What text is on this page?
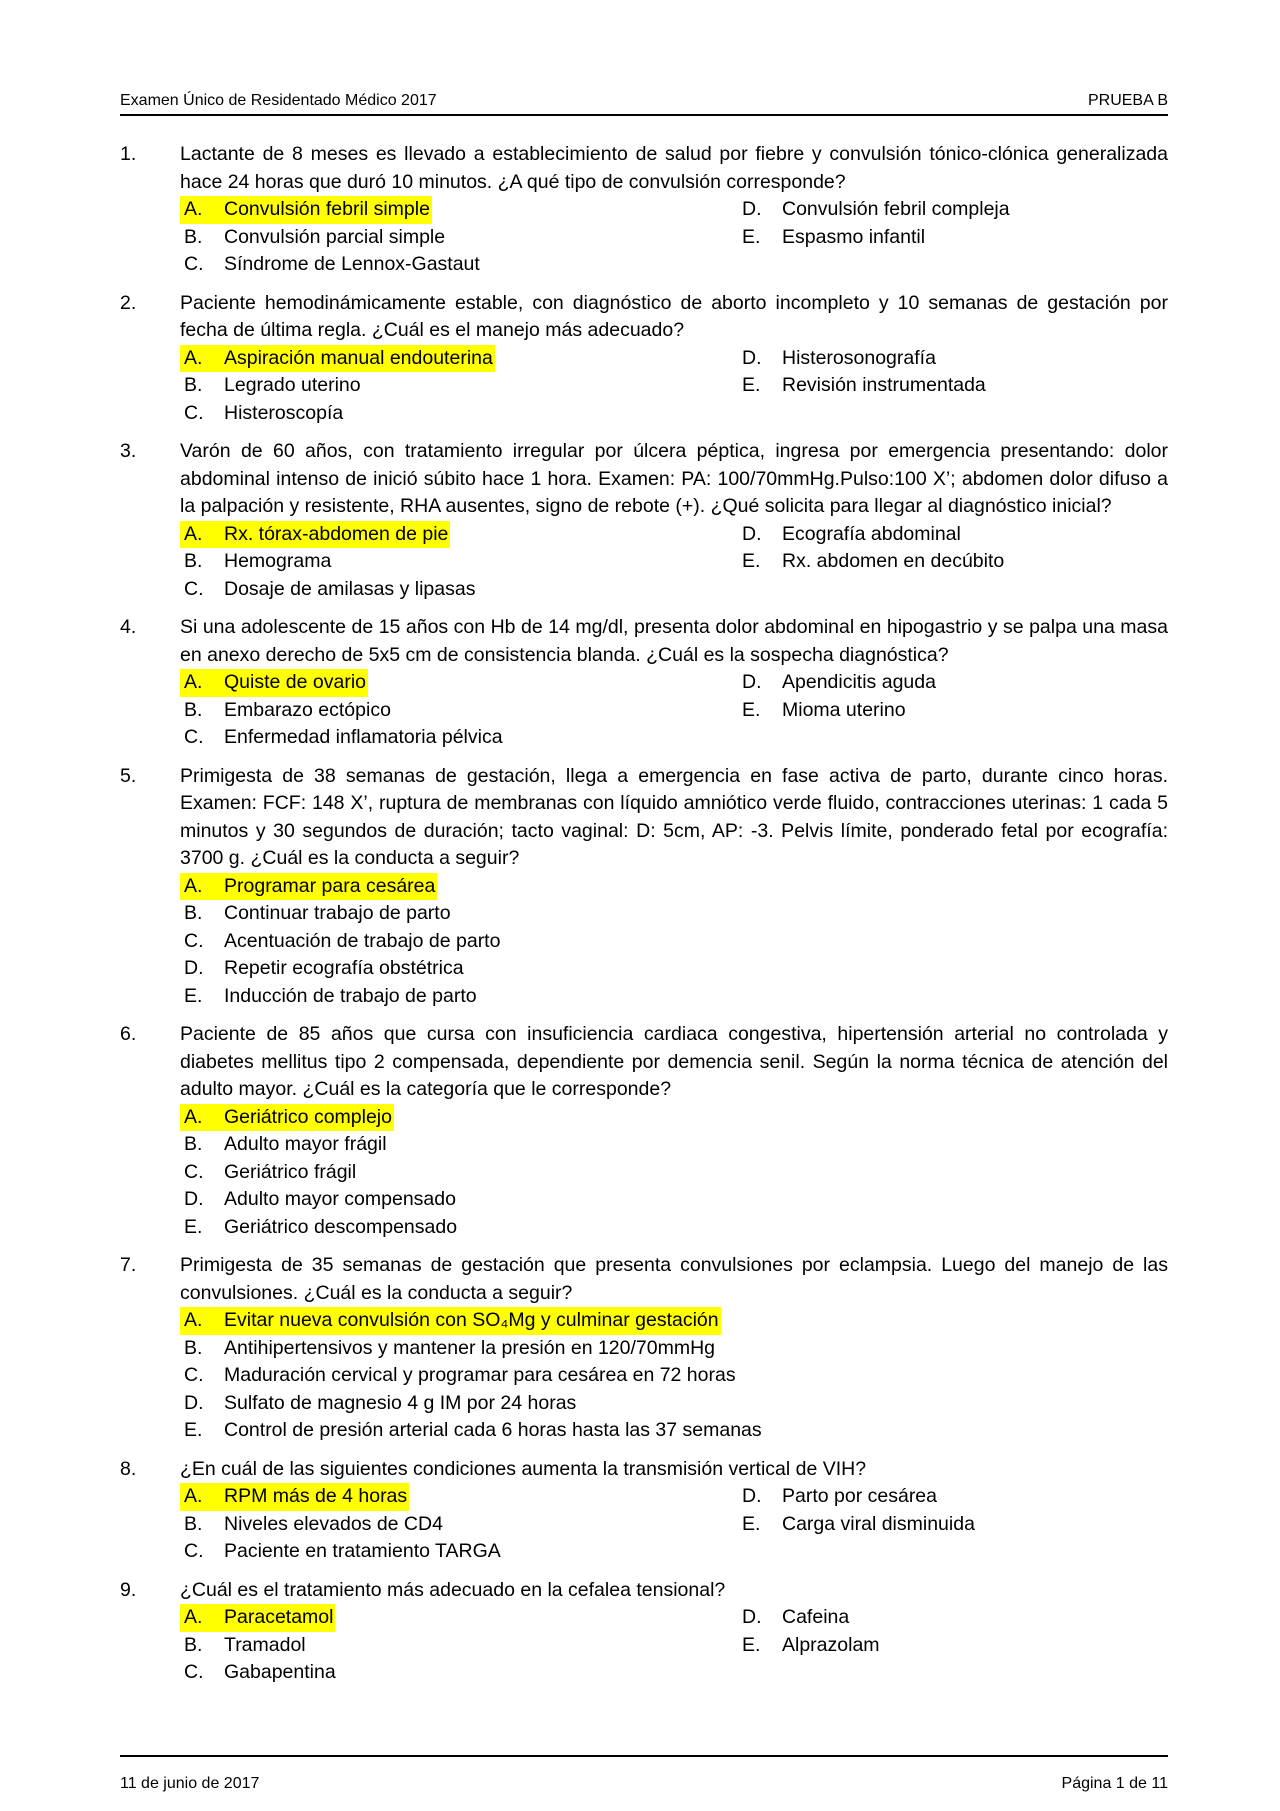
Examen Único de Residentado Médico 2017	PRUEBA B
1.	Lactante de 8 meses es llevado a establecimiento de salud por fiebre y convulsión tónico-clónica generalizada hace 24 horas que duró 10 minutos. ¿A qué tipo de convulsión corresponde?
A.	Convulsión febril simple
B.	Convulsión parcial simple
C.	Síndrome de Lennox-Gastaut
D.	Convulsión febril compleja
E.	Espasmo infantil
2.	Paciente hemodinámicamente estable, con diagnóstico de aborto incompleto y 10 semanas de gestación por fecha de última regla. ¿Cuál es el manejo más adecuado?
A.	Aspiración manual endouterina
B.	Legrado uterino
C.	Histeroscopía
D.	Histerosonografía
E.	Revisión instrumentada
3.	Varón de 60 años, con tratamiento irregular por úlcera péptica, ingresa por emergencia presentando: dolor abdominal intenso de inició súbito hace 1 hora. Examen: PA: 100/70mmHg.Pulso:100 X’; abdomen dolor difuso a la palpación y resistente, RHA ausentes, signo de rebote (+). ¿Qué solicita para llegar al diagnóstico inicial?
A.	Rx. tórax-abdomen de pie
B.	Hemograma
C.	Dosaje de amilasas y lipasas
D.	Ecografía abdominal
E.	Rx. abdomen en decúbito
4.	Si una adolescente de 15 años con Hb de 14 mg/dl, presenta dolor abdominal en hipogastrio y se palpa una masa en anexo derecho de 5x5 cm de consistencia blanda. ¿Cuál es la sospecha diagnóstica?
A.	Quiste de ovario
B.	Embarazo ectópico
C.	Enfermedad inflamatoria pélvica
D.	Apendicitis aguda
E.	Mioma uterino
5.	Primigesta de 38 semanas de gestación, llega a emergencia en fase activa de parto, durante cinco horas. Examen: FCF: 148 X’, ruptura de membranas con líquido amniótico verde fluido, contracciones uterinas: 1 cada 5 minutos y 30 segundos de duración; tacto vaginal: D: 5cm, AP: -3. Pelvis límite, ponderado fetal por ecografía: 3700 g. ¿Cuál es la conducta a seguir?
A.	Programar para cesárea
B.	Continuar trabajo de parto
C.	Acentuación de trabajo de parto
D.	Repetir ecografía obstétrica
E.	Inducción de trabajo de parto
6.	Paciente de 85 años que cursa con insuficiencia cardiaca congestiva, hipertensión arterial no controlada y diabetes mellitus tipo 2 compensada, dependiente por demencia senil. Según la norma técnica de atención del adulto mayor. ¿Cuál es la categoría que le corresponde?
A.	Geriátrico complejo
B.	Adulto mayor frágil
C.	Geriátrico frágil
D.	Adulto mayor compensado
E.	Geriátrico descompensado
7.	Primigesta de 35 semanas de gestación que presenta convulsiones por eclampsia. Luego del manejo de las convulsiones. ¿Cuál es la conducta a seguir?
A.	Evitar nueva convulsión con SO₄Mg y culminar gestación
B.	Antihipertensivos y mantener la presión en 120/70mmHg
C.	Maduración cervical y programar para cesárea en 72 horas
D.	Sulfato de magnesio 4 g IM por 24 horas
E.	Control de presión arterial cada 6 horas hasta las 37 semanas
8.	¿En cuál de las siguientes condiciones aumenta la transmisión vertical de VIH?
A.	RPM más de 4 horas
B.	Niveles elevados de CD4
C.	Paciente en tratamiento TARGA
D.	Parto por cesárea
E.	Carga viral disminuida
9.	¿Cuál es el tratamiento más adecuado en la cefalea tensional?
A.	Paracetamol
B.	Tramadol
C.	Gabapentina
D.	Cafeina
E.	Alprazolam
11 de junio de 2017	Página 1 de 11
